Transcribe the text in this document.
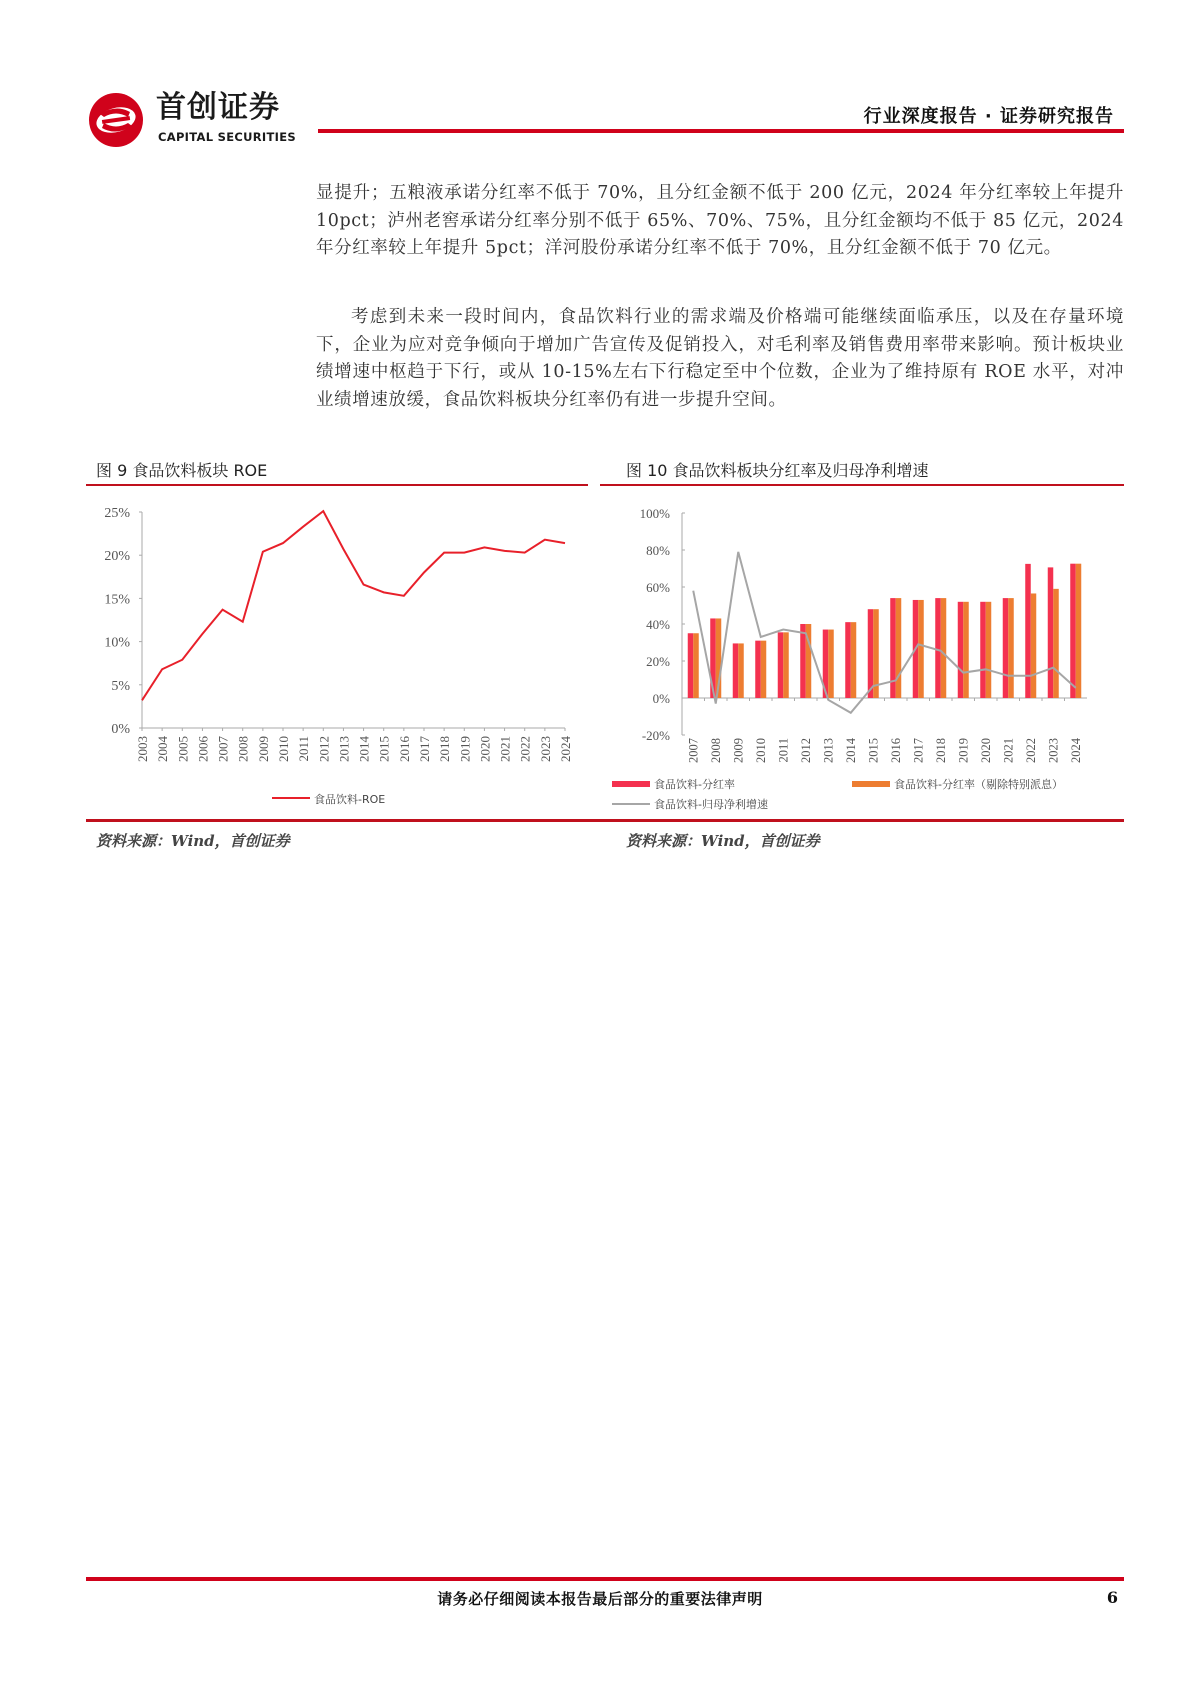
首创证券
CAPITAL SECURITIES
行业深度报告 · 证券研究报告
显提升；五粮液承诺分红率不低于 70%，且分红金额不低于 200 亿元，2024 年分红率较上年提升 10pct；泸州老窖承诺分红率分别不低于 65%、70%、75%，且分红金额均不低于 85 亿元，2024 年分红率较上年提升 5pct；洋河股份承诺分红率不低于 70%，且分红金额不低于 70 亿元。
考虑到未来一段时间内，食品饮料行业的需求端及价格端可能继续面临承压，以及在存量环境下，企业为应对竞争倾向于增加广告宣传及促销投入，对毛利率及销售费用率带来影响。预计板块业绩增速中枢趋于下行，或从 10-15%左右下行稳定至中个位数，企业为了维持原有 ROE 水平，对冲业绩增速放缓，食品饮料板块分红率仍有进一步提升空间。
图 9 食品饮料板块 ROE
0%
5%
10%
15%
20%
25%
2003 2004 2005 2006 2007 2008 2009 2010 2011 2012 2013 2014 2015 2016 2017 2018 2019 2020 2021 2022 2023 2024
食品饮料-ROE
图 10 食品饮料板块分红率及归母净利增速
-20%
0%
20%
40%
60%
80%
100%
2007 2008 2009 2010 2011 2012 2013 2014 2015 2016 2017 2018 2019 2020 2021 2022 2023 2024
食品饮料-分红率	食品饮料-分红率（剔除特别派息）
食品饮料-归母净利增速
资料来源：Wind，首创证券	资料来源：Wind，首创证券
请务必仔细阅读本报告最后部分的重要法律声明	6
